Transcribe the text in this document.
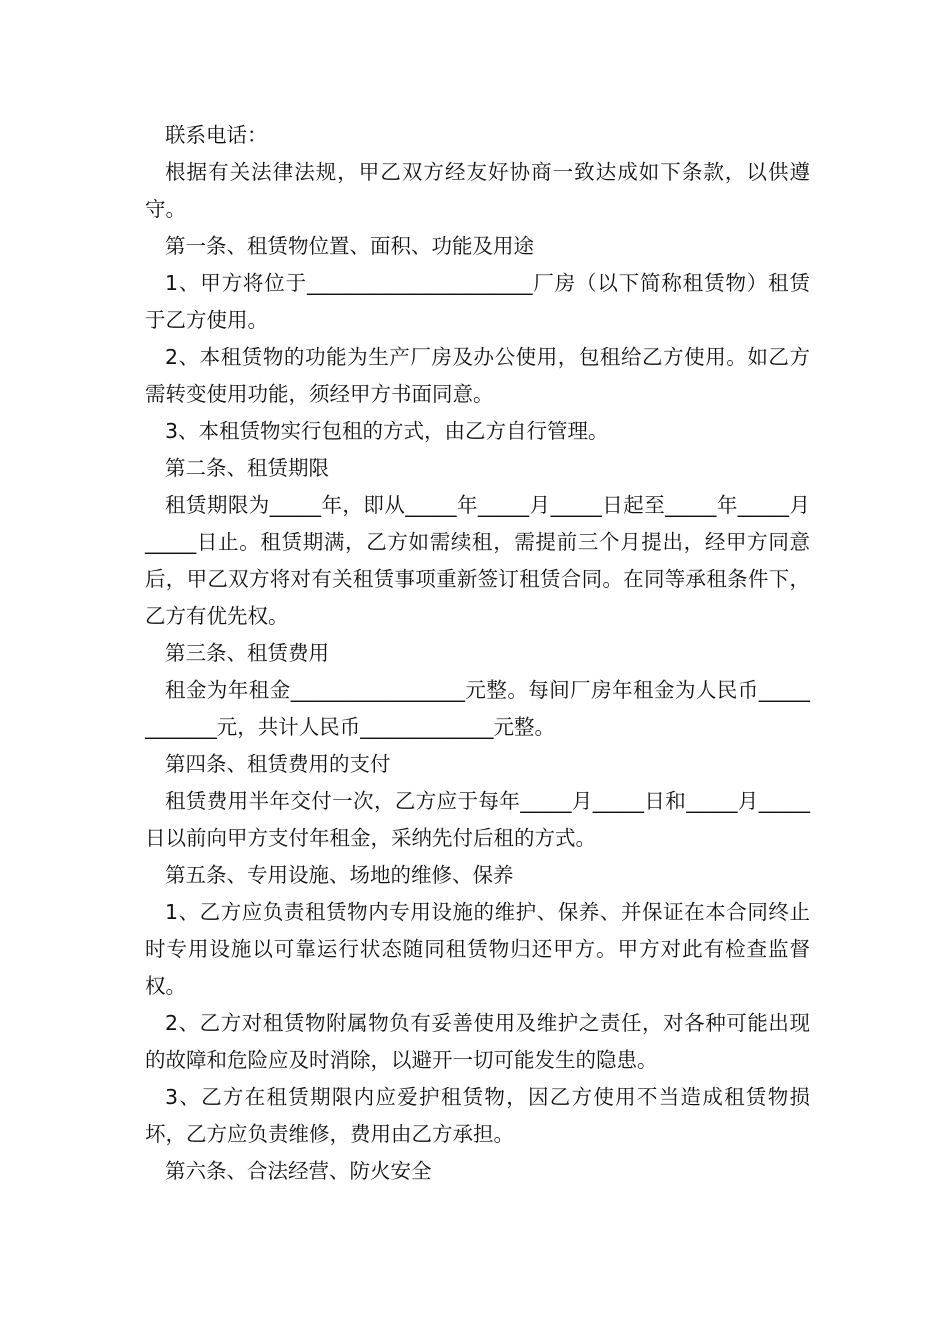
联系电话：

根据有关法律法规，甲乙双方经友好协商一致达成如下条款，以供遵守。

第一条、租赁物位置、面积、功能及用途

1、甲方将位于______________________厂房（以下简称租赁物）租赁于乙方使用。

2、本租赁物的功能为生产厂房及办公使用，包租给乙方使用。如乙方需转变使用功能，须经甲方书面同意。

3、本租赁物实行包租的方式，由乙方自行管理。

第二条、租赁期限

租赁期限为_____年，即从_____年_____月_____日起至_____年_____月_____日止。租赁期满，乙方如需续租，需提前三个月提出，经甲方同意后，甲乙双方将对有关租赁事项重新签订租赁合同。在同等承租条件下，乙方有优先权。

第三条、租赁费用

租金为年租金_________________元整。每间厂房年租金为人民币____________元，共计人民币_____________元整。

第四条、租赁费用的支付

租赁费用半年交付一次，乙方应于每年_____月_____日和_____月_____日以前向甲方支付年租金，采纳先付后租的方式。

第五条、专用设施、场地的维修、保养

1、乙方应负责租赁物内专用设施的维护、保养、并保证在本合同终止时专用设施以可靠运行状态随同租赁物归还甲方。甲方对此有检查监督权。

2、乙方对租赁物附属物负有妥善使用及维护之责任，对各种可能出现的故障和危险应及时消除，以避开一切可能发生的隐患。

3、乙方在租赁期限内应爱护租赁物，因乙方使用不当造成租赁物损坏，乙方应负责维修，费用由乙方承担。

第六条、合法经营、防火安全
